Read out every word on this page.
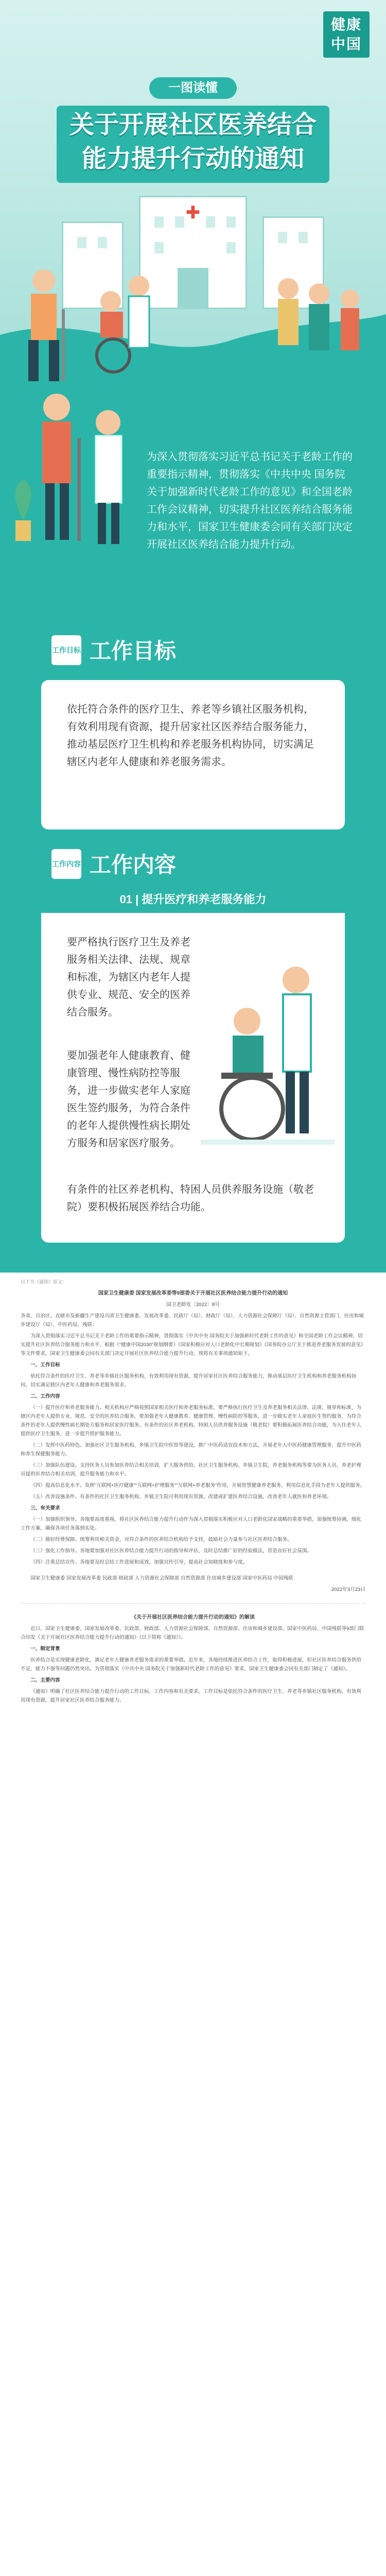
✚
健康
中国
一图读懂
关于开展社区医养结合
能力提升行动的通知
为深入贯彻落实习近平总书记关于老龄工作的重要指示精神，贯彻落实《中共中央 国务院关于加强新时代老龄工作的意见》和全国老龄工作会议精神，切实提升社区医养结合服务能力和水平，国家卫生健康委会同有关部门决定开展社区医养结合能力提升行动。
工作目标 工作目标

依托符合条件的医疗卫生、养老等乡镇社区服务机构，有效利用现有资源，提升居家社区医养结合服务能力，推动基层医疗卫生机构和养老服务机构协同，切实满足辖区内老年人健康和养老服务需求。

工作内容 工作内容
01 | 提升医疗和养老服务能力

要严格执行医疗卫生及养老服务相关法律、法规、规章和标准，为辖区内老年人提供专业、规范、安全的医养结合服务。

要加强老年人健康教育、健康管理、慢性病防控等服务，进一步做实老年人家庭医生签约服务，为符合条件的老年人提供慢性病长期处方服务和居家医疗服务。

有条件的社区养老机构、特困人员供养服务设施（敬老院）要积极拓展医养结合功能。

以下为《通知》原文：

国家卫生健康委 国家发展改革委等9部委关于开展社区医养结合能力提升行动的通知

国卫老龄发〔2022〕8号

各省、自治区、直辖市及新疆生产建设兵团卫生健康委、发展改革委、民政厅（局）、财政厅（局）、人力资源社会保障厅（局）、自然资源主管部门、住房和城乡建设厅（局）、中医药局、残联：

为深入贯彻落实习近平总书记关于老龄工作的重要指示精神，贯彻落实《中共中央 国务院关于加强新时代老龄工作的意见》和全国老龄工作会议精神，切实提升社区医养结合服务能力和水平，根据《“健康中国2030”规划纲要》《国家积极应对人口老龄化中长期规划》《国务院办公厅关于推进养老服务发展的意见》等文件要求，国家卫生健康委会同有关部门决定开展社区医养结合能力提升行动，现将有关事项通知如下。

一、工作目标

依托符合条件的医疗卫生、养老等乡镇社区服务机构，有效利用现有资源，提升居家社区医养结合服务能力，推动基层医疗卫生机构和养老服务机构协同，切实满足辖区内老年人健康和养老服务需求。

二、工作内容

（一）提升医疗和养老服务能力。相关机构应严格按照国家相关医疗和养老服务标准，要严格执行医疗卫生及养老服务相关法律、法规、规章和标准，为辖区内老年人提供专业、规范、安全的医养结合服务。要加强老年人健康教育、健康管理、慢性病防控等服务，进一步做实老年人家庭医生签约服务，为符合条件的老年人提供慢性病长期处方服务和居家医疗服务。有条件的社区养老机构、特困人员供养服务设施（敬老院）要积极拓展医养结合功能，为入住老年人提供医疗卫生服务，进一步提升照护服务能力。

（二）发挥中医药特色。加强社区卫生服务机构、乡镇卫生院中医馆等建设，推广中医药适宜技术和方法，开展老年人中医药健康管理服务，提升中医药和养生保健服务能力。

（三）加强队伍建设。支持医务人员参加医养结合相关培训，扩大服务供给。社区卫生服务机构、乡镇卫生院、养老服务机构等要为医务人员、养老护理员提供医养结合相关培训，提升服务能力和水平。

（四）提高信息化水平。发挥“互联网+医疗健康”“互联网+护理服务”“互联网+养老服务”作用，开展智慧健康养老服务，利用信息化手段为老年人提供服务。

（五）改善设施条件。有条件的社区卫生服务机构、乡镇卫生院可利用现有资源，改建或扩建医养结合设施，改善老年人就医和养老环境。

三、有关要求

（一）加强组织领导。各地要高度重视，将社区医养结合能力提升行动作为深入贯彻落实积极应对人口老龄化国家战略的重要举措，加强统筹协调，细化工作方案，确保各项任务落到实处。

（二）做好经费保障。统筹利用相关资金，对符合条件的医养结合机构给予支持，鼓励社会力量参与社区医养结合服务。

（三）强化工作指导。各地要加强对社区医养结合能力提升行动的指导和评估，及时总结推广好的经验做法，营造良好社会氛围。

（四）注重总结宣传。各地要及时总结工作进展和成效，加强宣传引导，提高社会知晓度和参与度。

国家卫生健康委 国家发展改革委 民政部 财政部 人力资源社会保障部 自然资源部 住房城乡建设部 国家中医药局 中国残联

2022年3月23日

《关于开展社区医养结合能力提升行动的通知》的解读

近日，国家卫生健康委、国家发展改革委、民政部、财政部、人力资源社会保障部、自然资源部、住房和城乡建设部、国家中医药局、中国残联等9部门联合印发《关于开展社区医养结合能力提升行动的通知》（以下简称《通知》）。

一、制定背景

医养结合是实现健康老龄化，满足老年人健康养老服务需求的重要举措。近年来，各地持续推进医养结合工作，取得积极进展，但社区医养结合服务供给不足、能力不强等问题仍然突出。为贯彻落实《中共中央 国务院关于加强新时代老龄工作的意见》要求，国家卫生健康委会同有关部门制定了《通知》。

二、主要内容

《通知》明确了社区医养结合能力提升行动的工作目标、工作内容和有关要求。工作目标是依托符合条件的医疗卫生、养老等乡镇社区服务机构，有效利用现有资源，提升居家社区医养结合服务能力。
